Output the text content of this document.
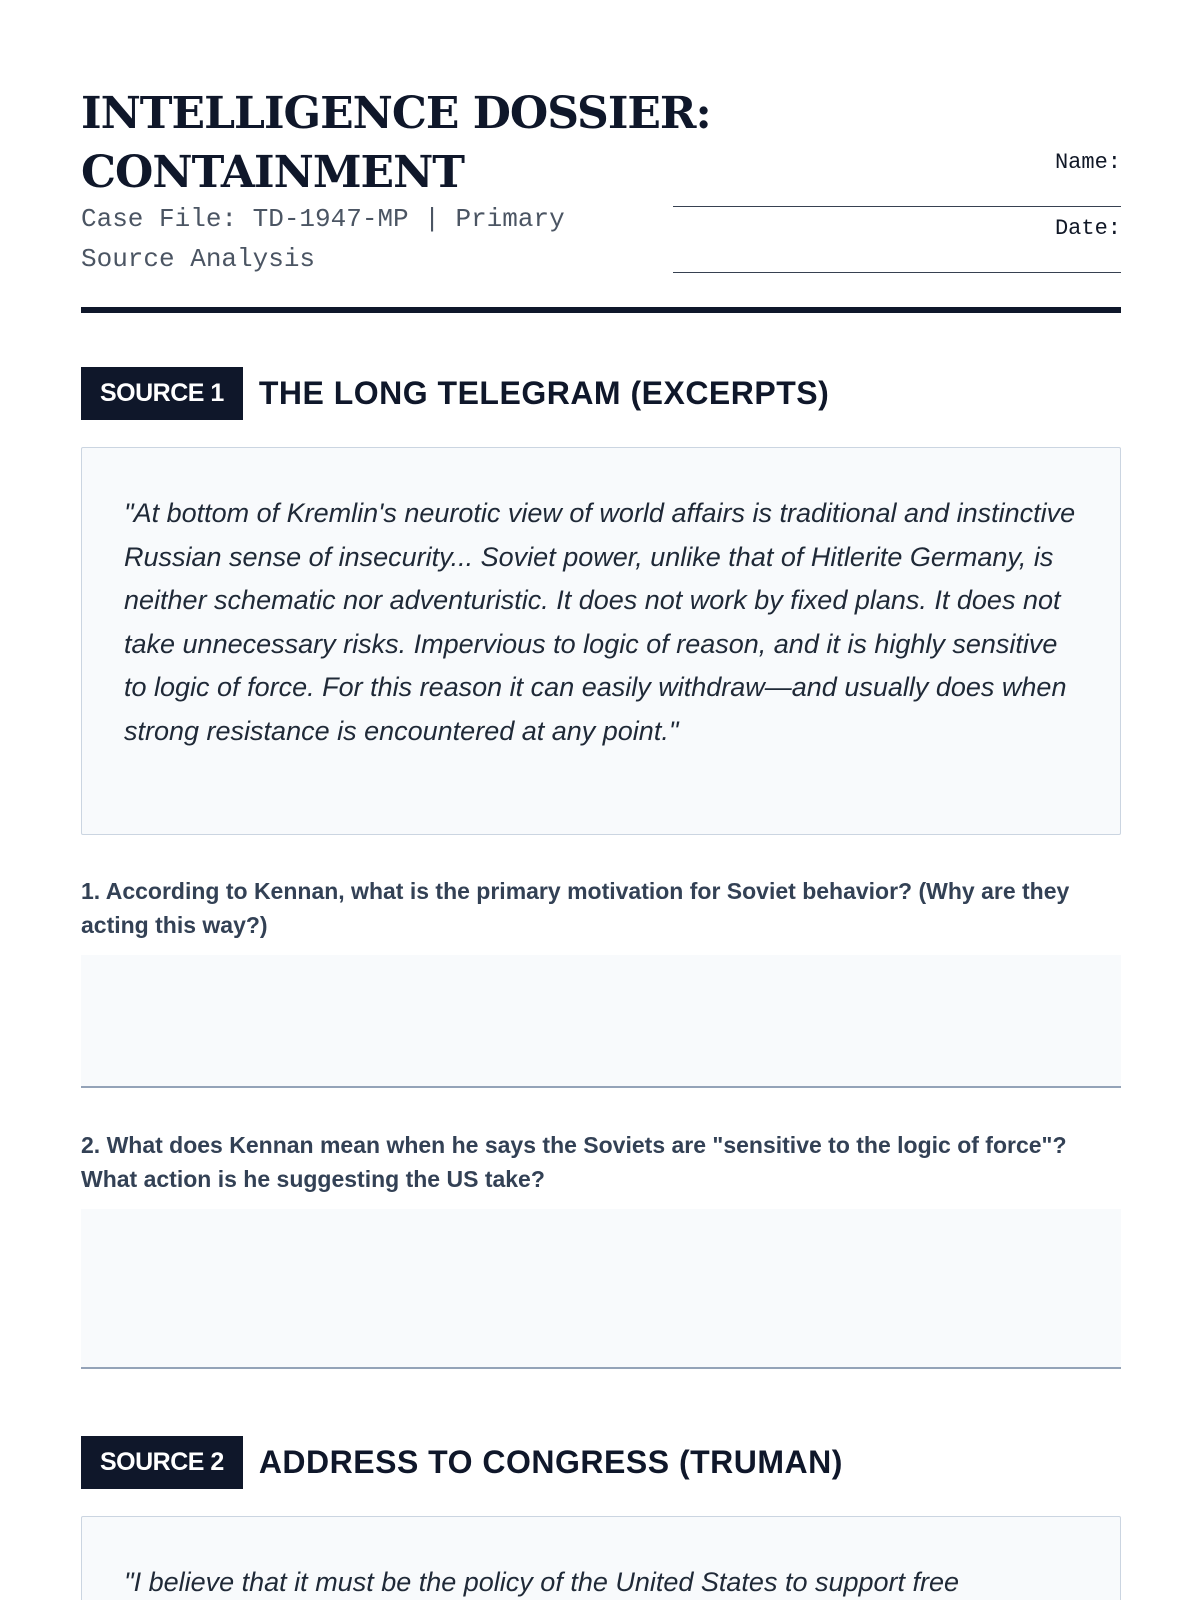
INTELLIGENCE DOSSIER: CONTAINMENT
Case File: TD-1947-MP | Primary Source Analysis
Name:
Date:
SOURCE 1	THE LONG TELEGRAM (EXCERPTS)
"At bottom of Kremlin's neurotic view of world affairs is traditional and instinctive Russian sense of insecurity... Soviet power, unlike that of Hitlerite Germany, is neither schematic nor adventuristic. It does not work by fixed plans. It does not take unnecessary risks. Impervious to logic of reason, and it is highly sensitive to logic of force. For this reason it can easily withdraw—and usually does when strong resistance is encountered at any point."
1. According to Kennan, what is the primary motivation for Soviet behavior? (Why are they acting this way?)
2. What does Kennan mean when he says the Soviets are "sensitive to the logic of force"? What action is he suggesting the US take?
SOURCE 2	ADDRESS TO CONGRESS (TRUMAN)
"I believe that it must be the policy of the United States to support free
